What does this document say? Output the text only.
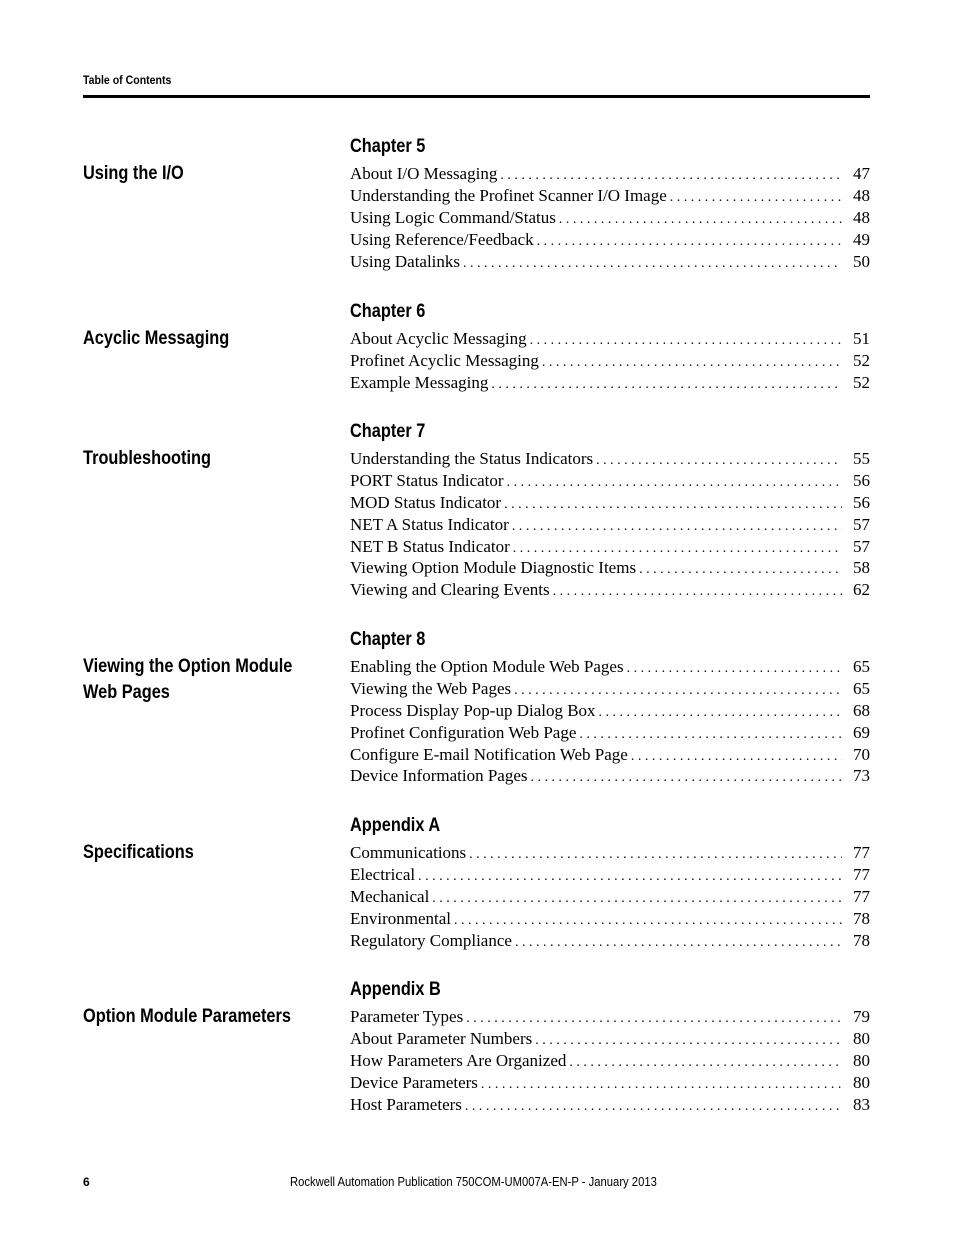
Table of Contents
Chapter 5
Using the I/O	About I/O Messaging . . .	47
Understanding the Profinet Scanner I/O Image . . .	48
Using Logic Command/Status . . .	48
Using Reference/Feedback . . .	49
Using Datalinks . . .	50
Chapter 6
Acyclic Messaging	About Acyclic Messaging . . .	51
Profinet Acyclic Messaging . . .	52
Example Messaging . . .	52
Chapter 7
Troubleshooting	Understanding the Status Indicators . . .	55
PORT Status Indicator . . .	56
MOD Status Indicator . . .	56
NET A Status Indicator . . .	57
NET B Status Indicator . . .	57
Viewing Option Module Diagnostic Items . . .	58
Viewing and Clearing Events . . .	62
Chapter 8
Viewing the Option Module
Web Pages
Enabling the Option Module Web Pages . . .	65
Viewing the Web Pages . . .	65
Process Display Pop-up Dialog Box . . .	68
Profinet Configuration Web Page . . .	69
Configure E-mail Notification Web Page . . .	70
Device Information Pages . . .	73
Appendix A
Specifications	Communications . . .	77
Electrical . . .	77
Mechanical . . .	77
Environmental . . .	78
Regulatory Compliance . . .	78
Appendix B
Option Module Parameters	Parameter Types . . .	79
About Parameter Numbers . . .	80
How Parameters Are Organized . . .	80
Device Parameters . . .	80
Host Parameters . . .	83
6	Rockwell Automation Publication 750COM-UM007A-EN-P - January 2013
